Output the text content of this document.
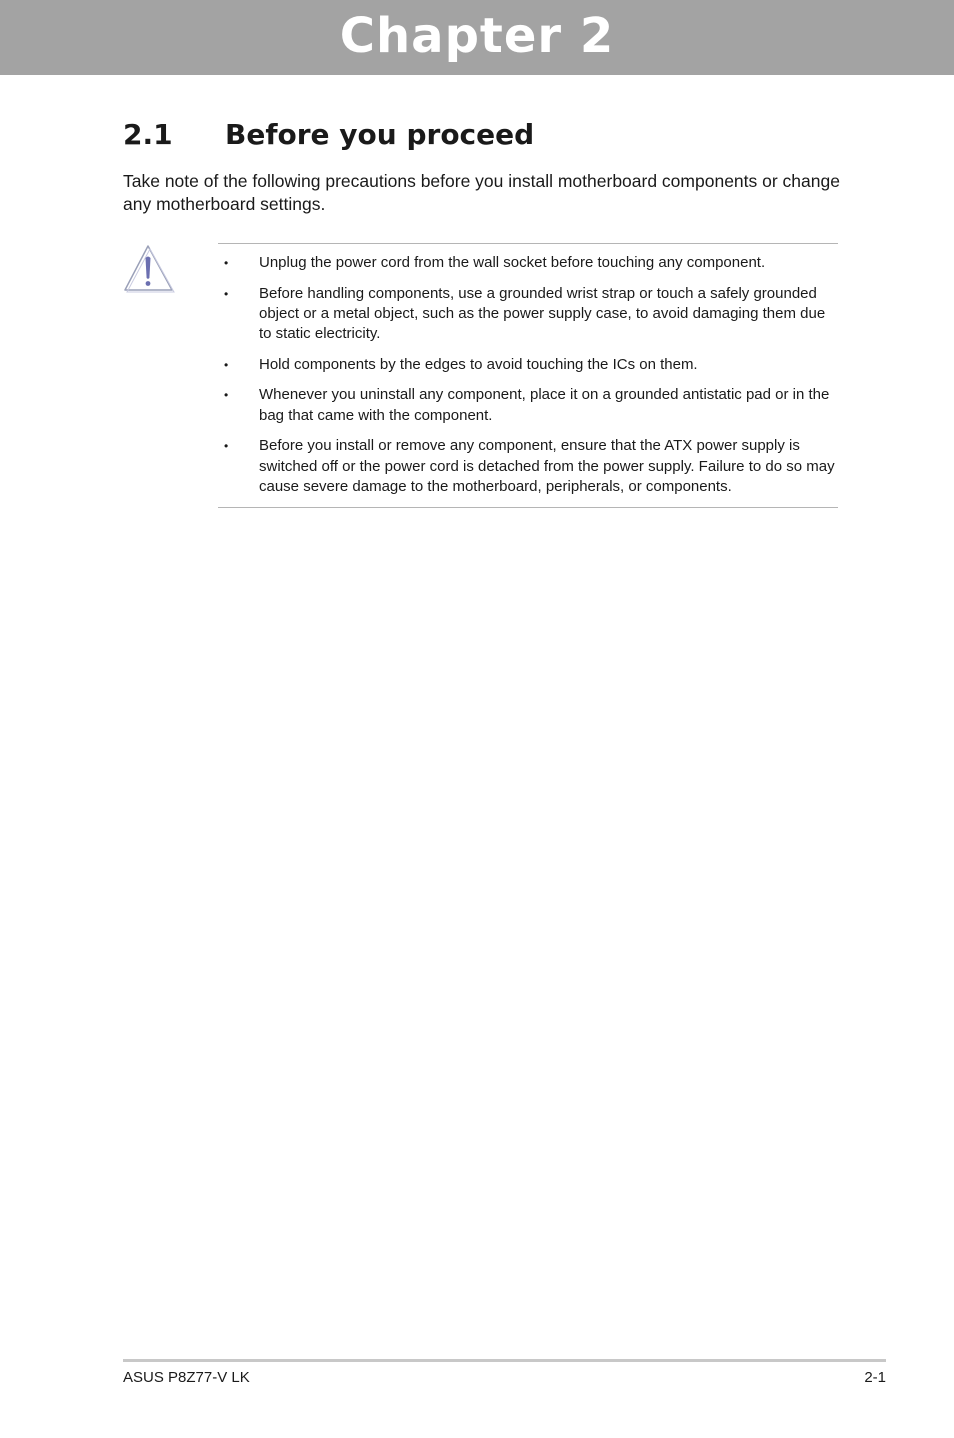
Chapter 2
2.1 Before you proceed

Take note of the following precautions before you install motherboard components or change any motherboard settings.

• Unplug the power cord from the wall socket before touching any component.
• Before handling components, use a grounded wrist strap or touch a safely grounded object or a metal object, such as the power supply case, to avoid damaging them due to static electricity.
• Hold components by the edges to avoid touching the ICs on them.
• Whenever you uninstall any component, place it on a grounded antistatic pad or in the bag that came with the component.
• Before you install or remove any component, ensure that the ATX power supply is switched off or the power cord is detached from the power supply. Failure to do so may cause severe damage to the motherboard, peripherals, or components.
ASUS P8Z77-V LK	2-1
